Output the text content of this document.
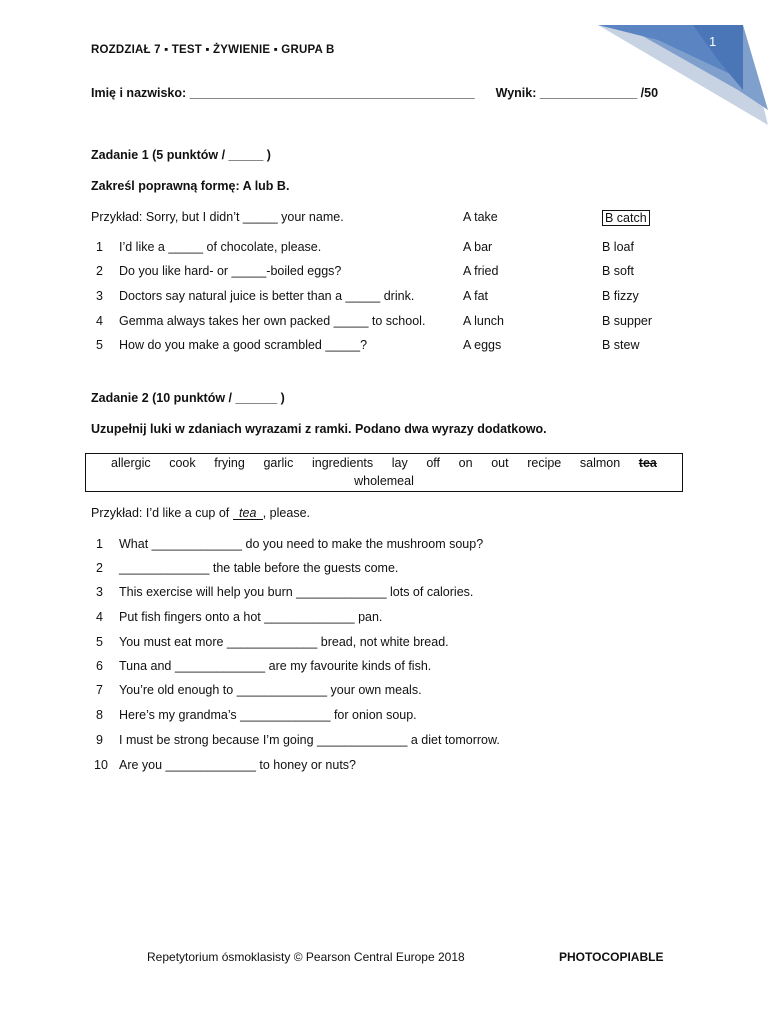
1
ROZDZIAŁ 7 ▪ TEST ▪ ŻYWIENIE ▪ GRUPA B
Imię i nazwisko: _________________________________________ Wynik: ______________ /50
Zadanie 1 (5 punktów / _____ )
Zakreśl poprawną formę: A lub B.
Przykład: Sorry, but I didn’t _____ your name.	A take	B catch
1 I’d like a _____ of chocolate, please.	A bar	B loaf
2 Do you like hard- or _____-boiled eggs?	A fried	B soft
3 Doctors say natural juice is better than a _____ drink.	A fat	B fizzy
4 Gemma always takes her own packed _____ to school.	A lunch	B supper
5 How do you make a good scrambled _____?	A eggs	B stew
Zadanie 2 (10 punktów / ______ )
Uzupełnij luki w zdaniach wyrazami z ramki. Podano dwa wyrazy dodatkowo.
allergic cook frying garlic ingredients lay off on out recipe salmon tea
wholemeal
Przykład: I’d like a cup of tea , please.
1 What _____________ do you need to make the mushroom soup?
2 _____________ the table before the guests come.
3 This exercise will help you burn _____________ lots of calories.
4 Put fish fingers onto a hot _____________ pan.
5 You must eat more _____________ bread, not white bread.
6 Tuna and _____________ are my favourite kinds of fish.
7 You’re old enough to _____________ your own meals.
8 Here’s my grandma’s _____________ for onion soup.
9 I must be strong because I’m going _____________ a diet tomorrow.
10 Are you _____________ to honey or nuts?
Repetytorium ósmoklasisty © Pearson Central Europe 2018	PHOTOCOPIABLE
